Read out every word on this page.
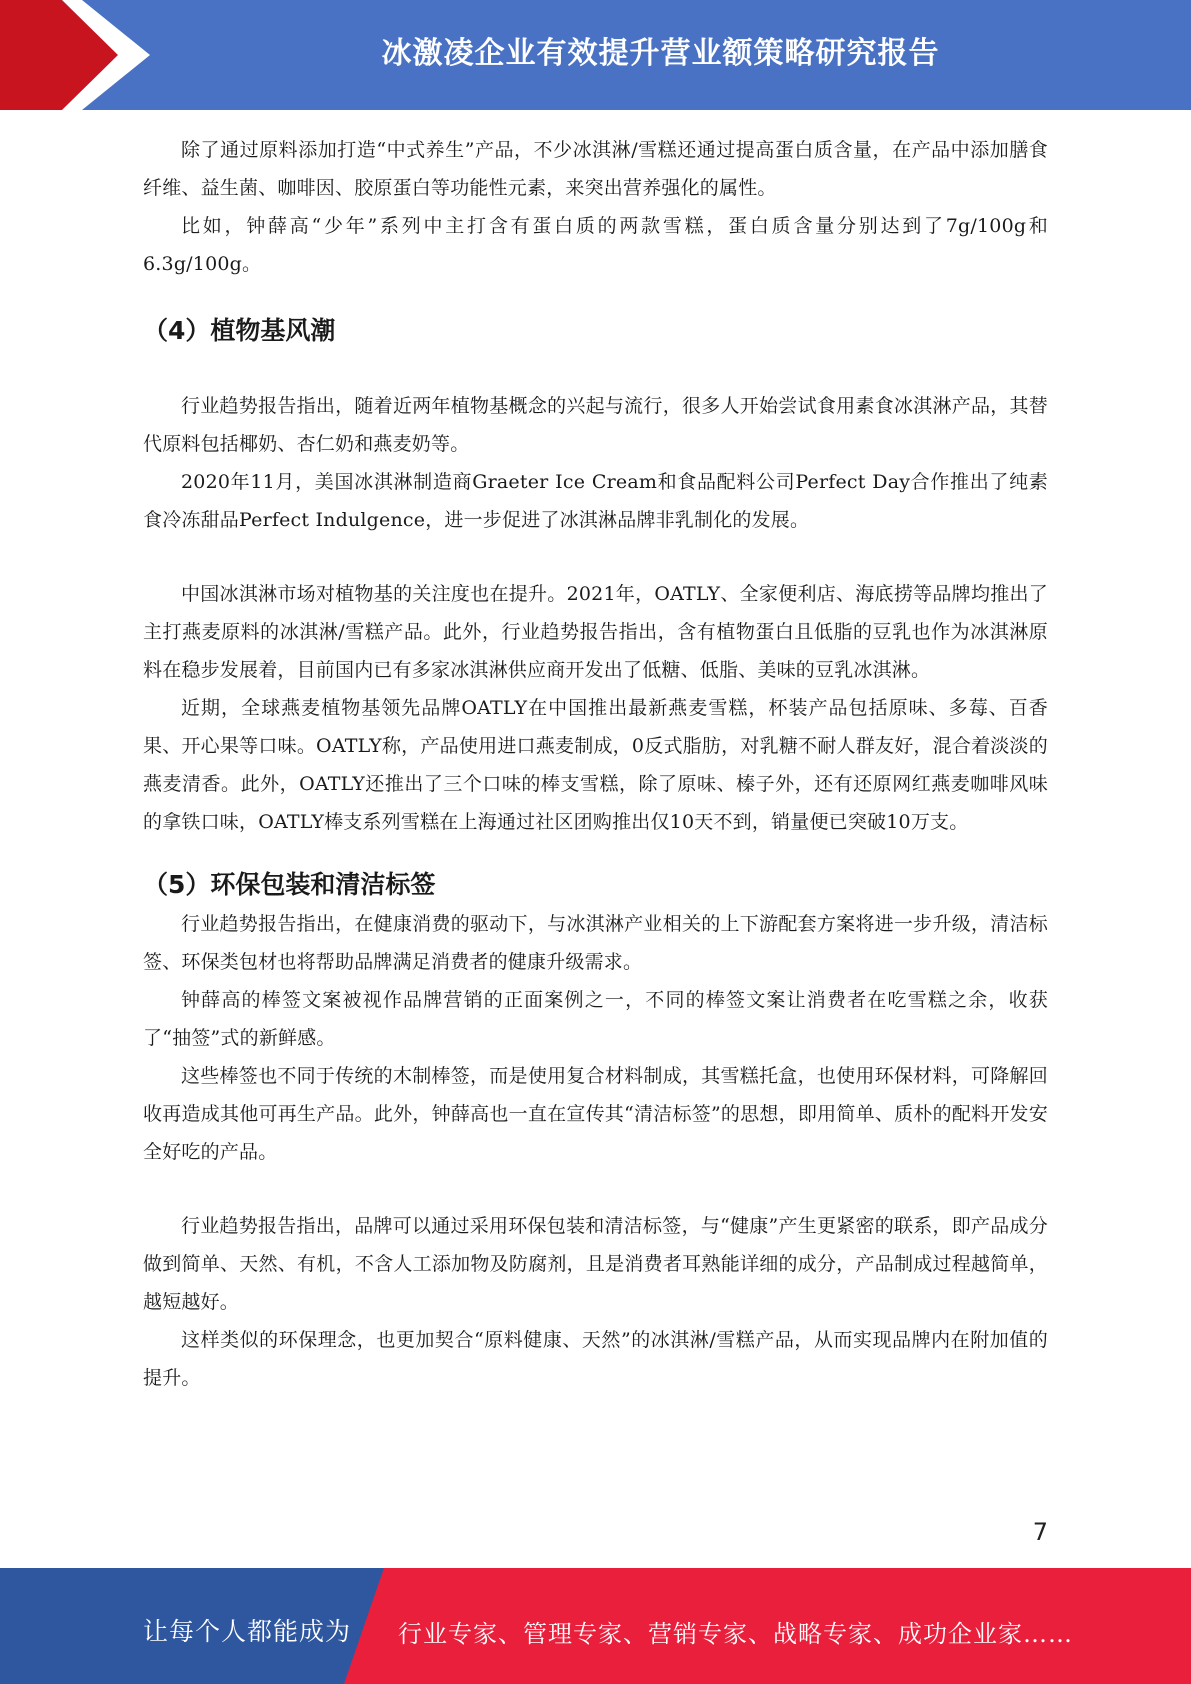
冰激凌企业有效提升营业额策略研究报告

除了通过原料添加打造“中式养生”产品，不少冰淇淋/雪糕还通过提高蛋白质含量，在产品中添加膳食纤维、益生菌、咖啡因、胶原蛋白等功能性元素，来突出营养强化的属性。

比如，钟薛高“少年”系列中主打含有蛋白质的两款雪糕，蛋白质含量分别达到了7g/100g和6.3g/100g。

（4）植物基风潮

行业趋势报告指出，随着近两年植物基概念的兴起与流行，很多人开始尝试食用素食冰淇淋产品，其替代原料包括椰奶、杏仁奶和燕麦奶等。

2020年11月，美国冰淇淋制造商Graeter Ice Cream和食品配料公司Perfect Day合作推出了纯素食冷冻甜品Perfect Indulgence，进一步促进了冰淇淋品牌非乳制化的发展。

中国冰淇淋市场对植物基的关注度也在提升。2021年，OATLY、全家便利店、海底捞等品牌均推出了主打燕麦原料的冰淇淋/雪糕产品。此外，行业趋势报告指出，含有植物蛋白且低脂的豆乳也作为冰淇淋原料在稳步发展着，目前国内已有多家冰淇淋供应商开发出了低糖、低脂、美味的豆乳冰淇淋。

近期，全球燕麦植物基领先品牌OATLY在中国推出最新燕麦雪糕，杯装产品包括原味、多莓、百香果、开心果等口味。OATLY称，产品使用进口燕麦制成，0反式脂肪，对乳糖不耐人群友好，混合着淡淡的燕麦清香。此外，OATLY还推出了三个口味的棒支雪糕，除了原味、榛子外，还有还原网红燕麦咖啡风味的拿铁口味，OATLY棒支系列雪糕在上海通过社区团购推出仅10天不到，销量便已突破10万支。

（5）环保包装和清洁标签

行业趋势报告指出，在健康消费的驱动下，与冰淇淋产业相关的上下游配套方案将进一步升级，清洁标签、环保类包材也将帮助品牌满足消费者的健康升级需求。

钟薛高的棒签文案被视作品牌营销的正面案例之一，不同的棒签文案让消费者在吃雪糕之余，收获了“抽签”式的新鲜感。

这些棒签也不同于传统的木制棒签，而是使用复合材料制成，其雪糕托盒，也使用环保材料，可降解回收再造成其他可再生产品。此外，钟薛高也一直在宣传其“清洁标签”的思想，即用简单、质朴的配料开发安全好吃的产品。

行业趋势报告指出，品牌可以通过采用环保包装和清洁标签，与“健康”产生更紧密的联系，即产品成分做到简单、天然、有机，不含人工添加物及防腐剂，且是消费者耳熟能详细的成分，产品制成过程越简单，越短越好。

这样类似的环保理念，也更加契合“原料健康、天然”的冰淇淋/雪糕产品，从而实现品牌内在附加值的提升。

7
让每个人都能成为 行业专家、管理专家、营销专家、战略专家、成功企业家……
